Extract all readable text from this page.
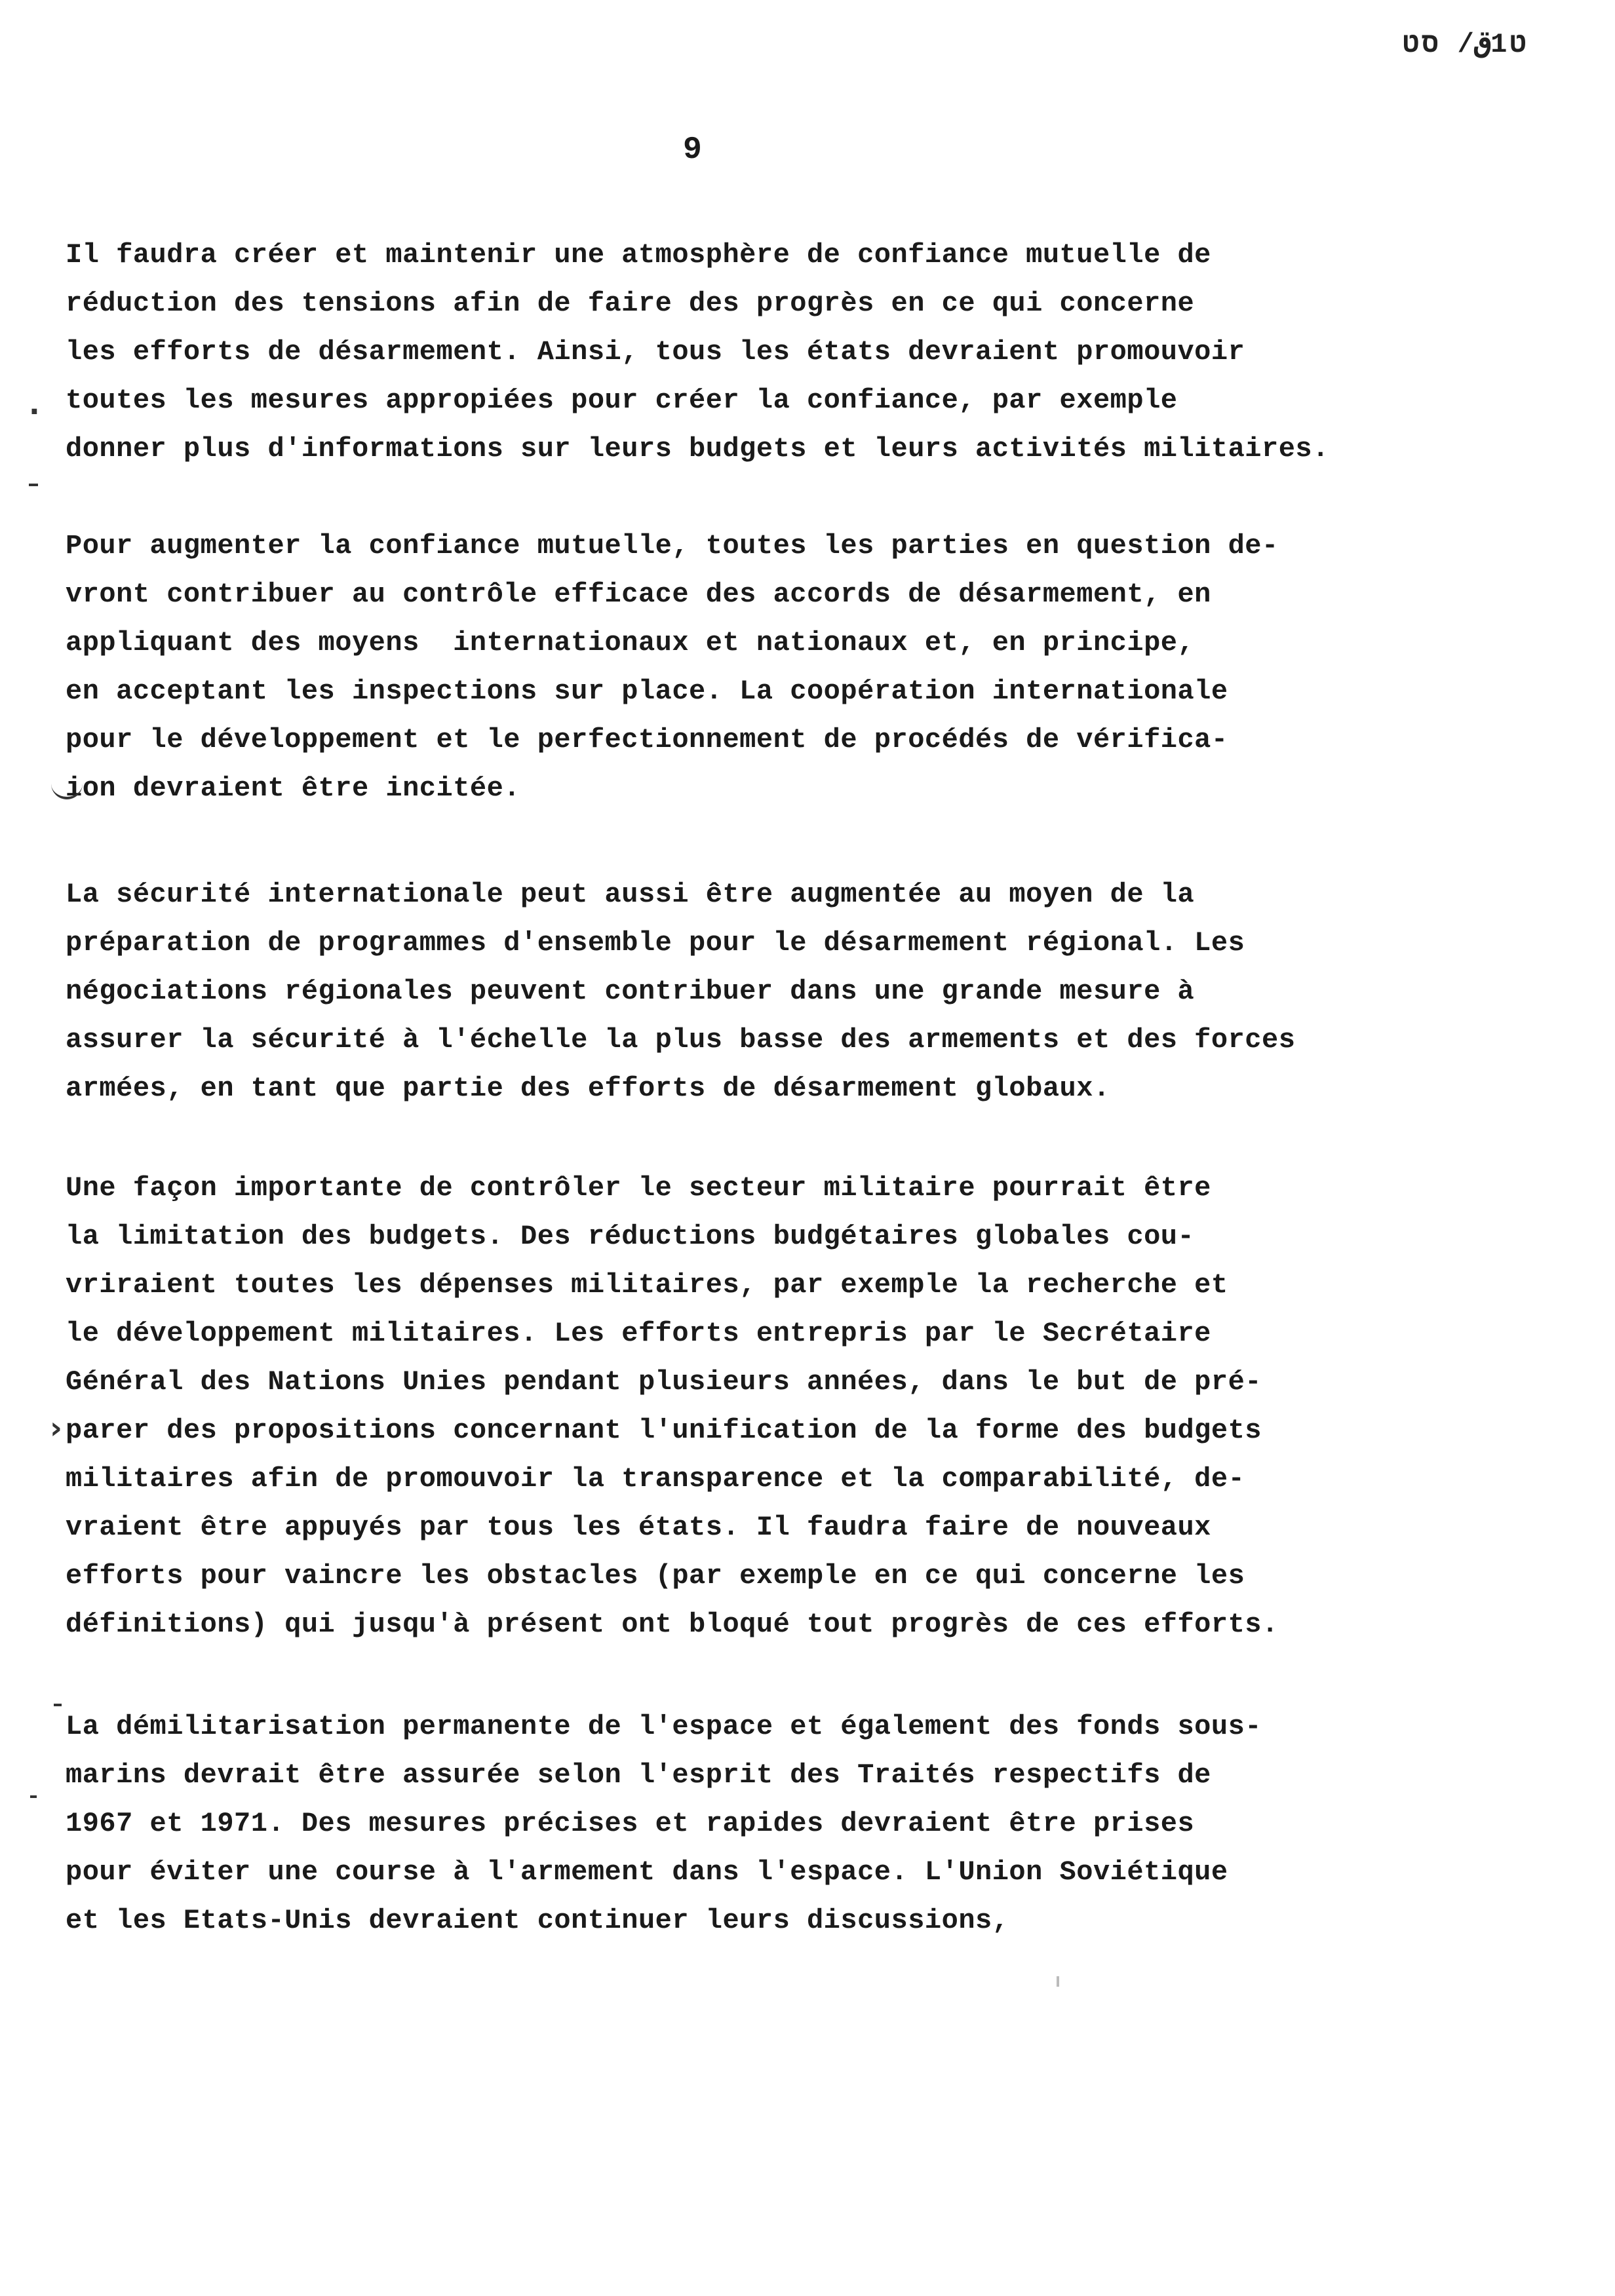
ט1ق/ סט
9
Il faudra créer et maintenir une atmosphère de confiance mutuelle de
réduction des tensions afin de faire des progrès en ce qui concerne
les efforts de désarmement. Ainsi, tous les états devraient promouvoir
toutes les mesures appropiées pour créer la confiance, par exemple
donner plus d'informations sur leurs budgets et leurs activités militaires.
Pour augmenter la confiance mutuelle, toutes les parties en question de-
vront contribuer au contrôle efficace des accords de désarmement, en
appliquant des moyens  internationaux et nationaux et, en principe,
en acceptant les inspections sur place. La coopération internationale
pour le développement et le perfectionnement de procédés de vérifica-
ion devraient être incitée.
La sécurité internationale peut aussi être augmentée au moyen de la
préparation de programmes d'ensemble pour le désarmement régional. Les
négociations régionales peuvent contribuer dans une grande mesure à
assurer la sécurité à l'échelle la plus basse des armements et des forces
armées, en tant que partie des efforts de désarmement globaux.
Une façon importante de contrôler le secteur militaire pourrait être
la limitation des budgets. Des réductions budgétaires globales cou-
vriraient toutes les dépenses militaires, par exemple la recherche et
le développement militaires. Les efforts entrepris par le Secrétaire
Général des Nations Unies pendant plusieurs années, dans le but de pré-
parer des propositions concernant l'unification de la forme des budgets
militaires afin de promouvoir la transparence et la comparabilité, de-
vraient être appuyés par tous les états. Il faudra faire de nouveaux
efforts pour vaincre les obstacles (par exemple en ce qui concerne les
définitions) qui jusqu'à présent ont bloqué tout progrès de ces efforts.
La démilitarisation permanente de l'espace et également des fonds sous-
marins devrait être assurée selon l'esprit des Traités respectifs de
1967 et 1971. Des mesures précises et rapides devraient être prises
pour éviter une course à l'armement dans l'espace. L'Union Soviétique
et les Etats-Unis devraient continuer leurs discussions,
.
›
